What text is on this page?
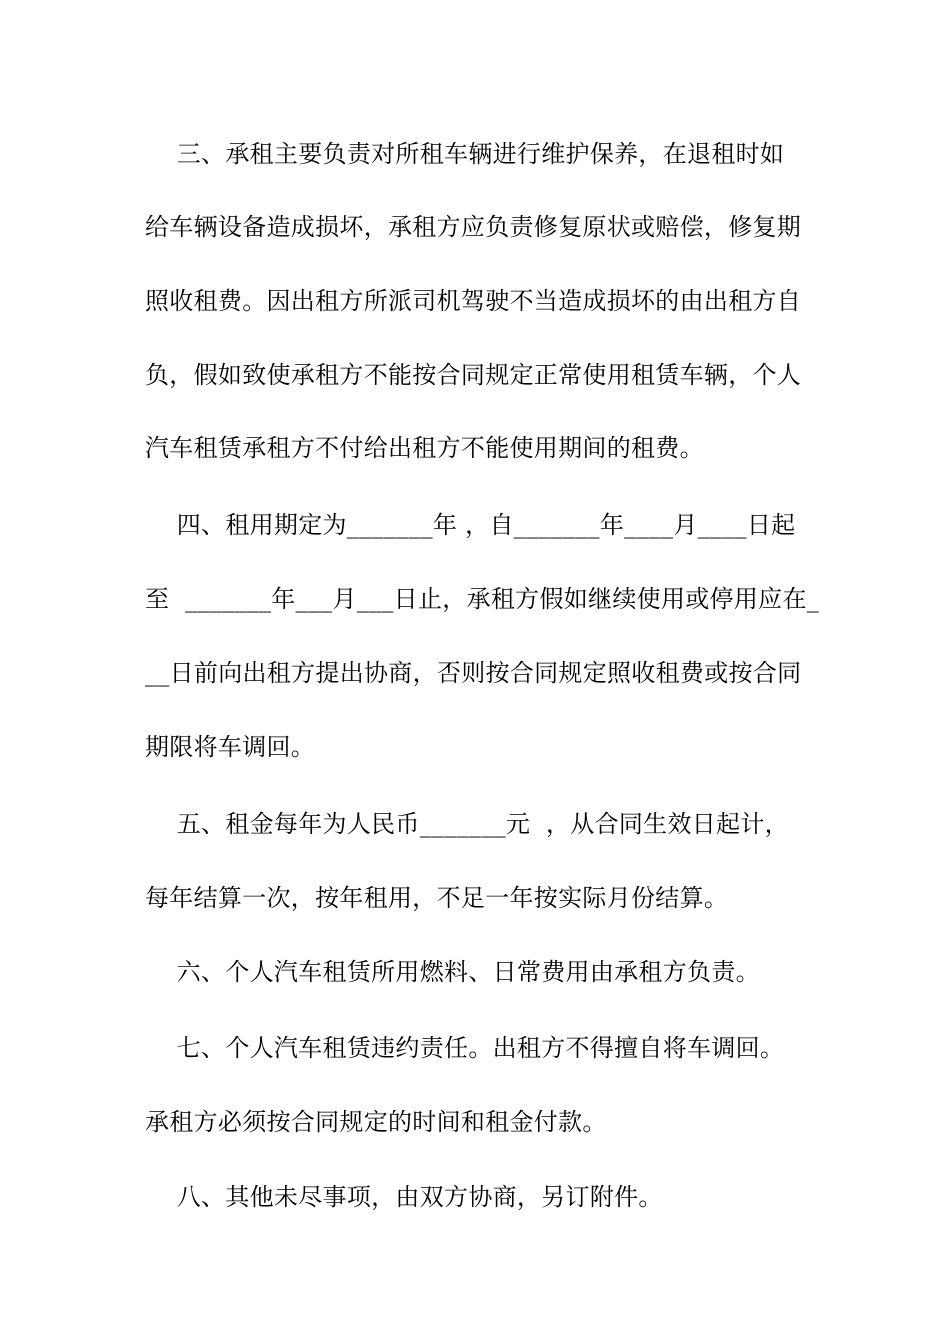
三、承租主要负责对所租车辆进行维护保养，在退租时如
给车辆设备造成损坏，承租方应负责修复原状或赔偿，修复期
照收租费。因出租方所派司机驾驶不当造成损坏的由出租方自
负，假如致使承租方不能按合同规定正常使用租赁车辆，个人
汽车租赁承租方不付给出租方不能使用期间的租费。
四、租用期定为_______年 ，自_______年____月____日起
至  _______年___月___日止，承租方假如继续使用或停用应在_
__日前向出租方提出协商，否则按合同规定照收租费或按合同
期限将车调回。
五、租金每年为人民币_______元  ，从合同生效日起计，
每年结算一次，按年租用，不足一年按实际月份结算。
六、个人汽车租赁所用燃料、日常费用由承租方负责。
七、个人汽车租赁违约责任。出租方不得擅自将车调回。
承租方必须按合同规定的时间和租金付款。
八、其他未尽事项，由双方协商，另订附件。
